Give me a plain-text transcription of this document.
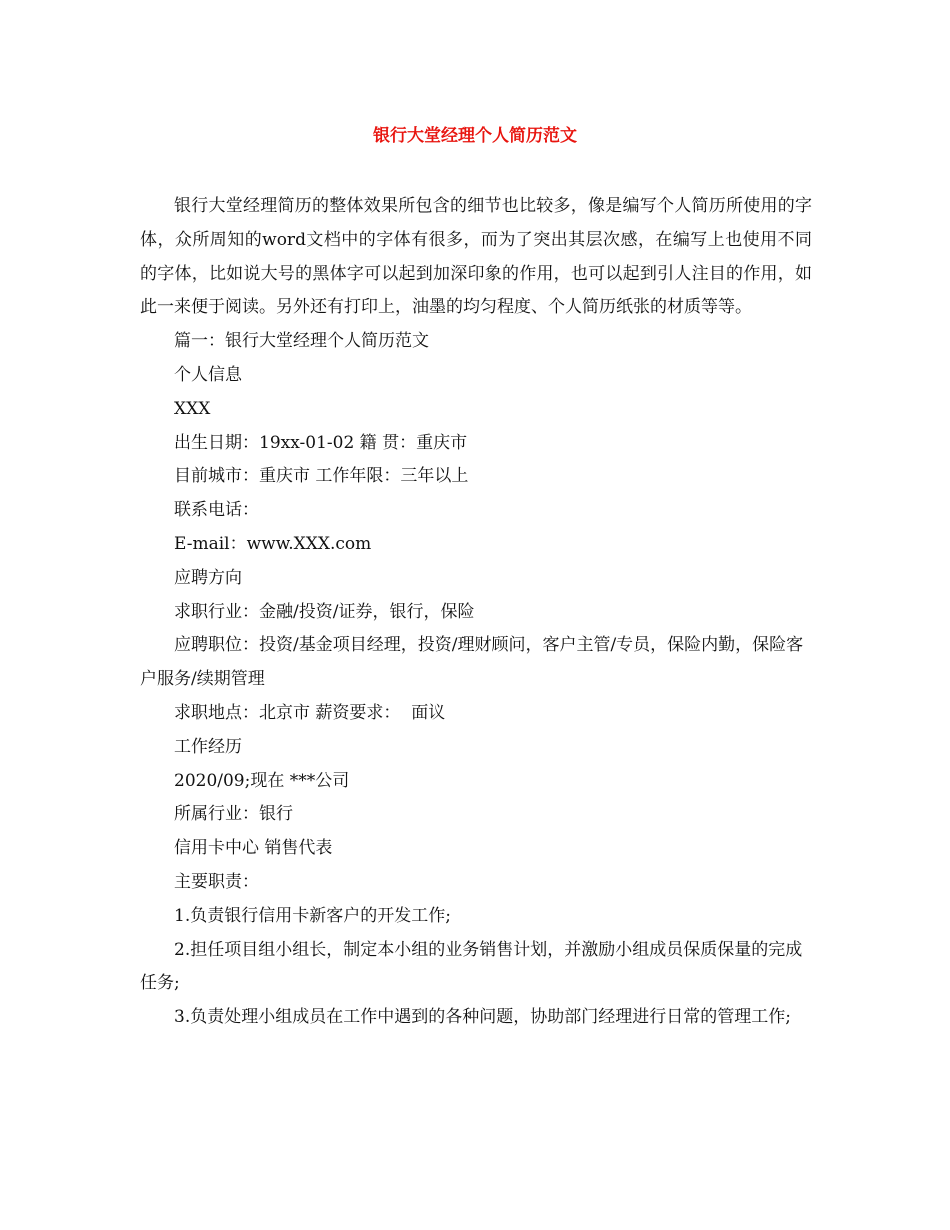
银行大堂经理个人简历范文

银行大堂经理简历的整体效果所包含的细节也比较多，像是编写个人简历所使用的字体，众所周知的word文档中的字体有很多，而为了突出其层次感，在编写上也使用不同的字体，比如说大号的黑体字可以起到加深印象的作用，也可以起到引人注目的作用，如此一来便于阅读。另外还有打印上，油墨的均匀程度、个人简历纸张的材质等等。

篇一：银行大堂经理个人简历范文

个人信息

XXX

出生日期：19xx-01-02 籍 贯：重庆市

目前城市：重庆市 工作年限：三年以上

联系电话：

E-mail：www.XXX.com

应聘方向

求职行业：金融/投资/证券，银行，保险

应聘职位：投资/基金项目经理，投资/理财顾问，客户主管/专员，保险内勤，保险客户服务/续期管理

求职地点：北京市 薪资要求：  面议

工作经历

2020/09;现在 ***公司

所属行业：银行

信用卡中心 销售代表

主要职责：

1.负责银行信用卡新客户的开发工作;

2.担任项目组小组长，制定本小组的业务销售计划，并激励小组成员保质保量的完成任务;

3.负责处理小组成员在工作中遇到的各种问题，协助部门经理进行日常的管理工作;
